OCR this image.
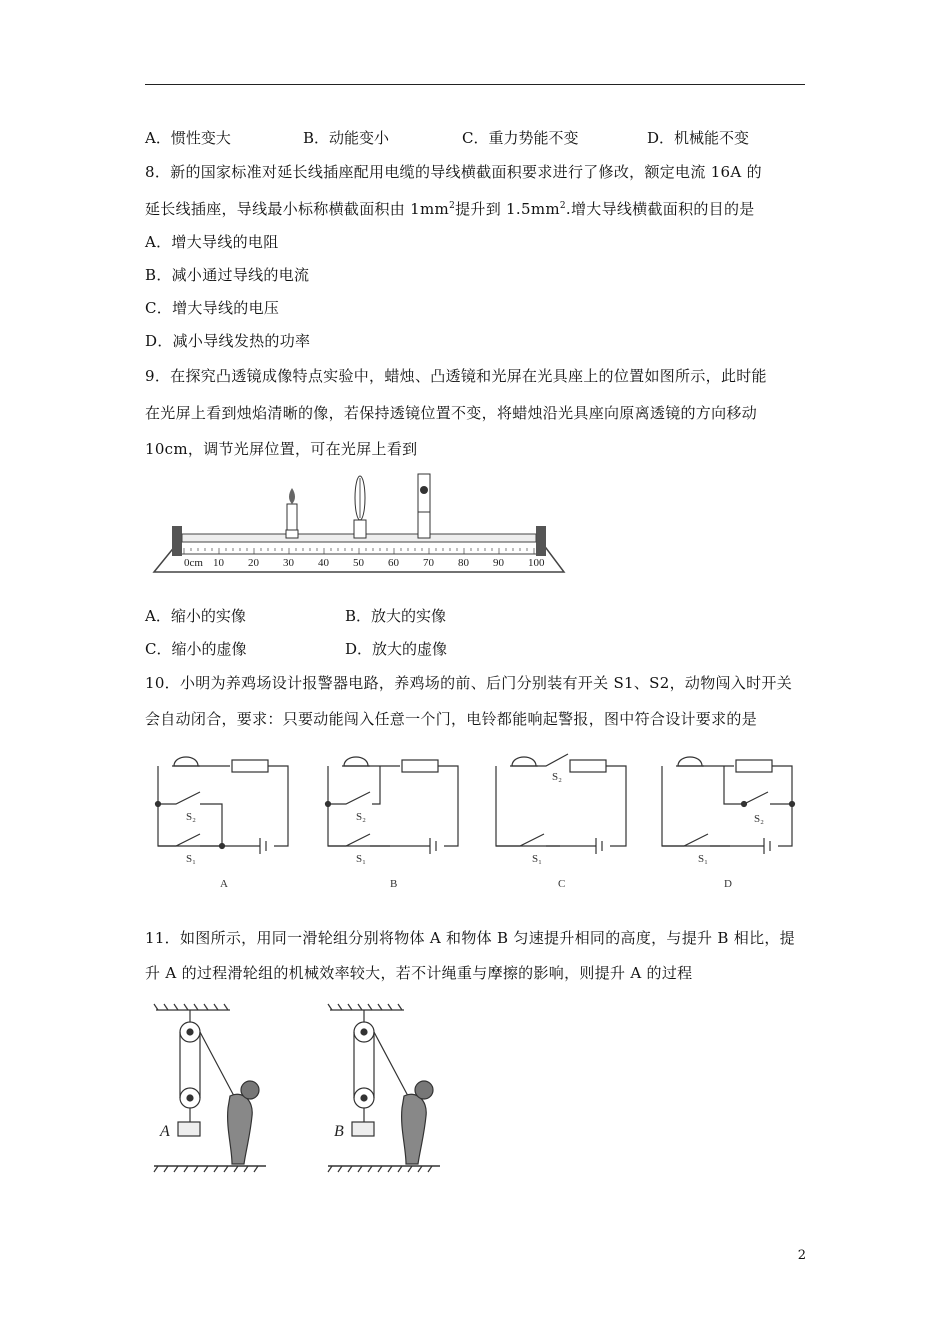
A．惯性变大	B．动能变小	C．重力势能不变	D．机械能不变
8．新的国家标准对延长线插座配用电缆的导线横截面积要求进行了修改，额定电流 16A 的
延长线插座，导线最小标称横截面积由 $1mm^2$提升到 $1.5mm^2$.增大导线横截面积的目的是
A．增大导线的电阻
B．减小通过导线的电流
C．增大导线的电压
D．减小导线发热的功率
9．在探究凸透镜成像特点实验中，蜡烛、凸透镜和光屏在光具座上的位置如图所示，此时能
在光屏上看到烛焰清晰的像，若保持透镜位置不变，将蜡烛沿光具座向原离透镜的方向移动
10cm，调节光屏位置，可在光屏上看到
0cm 10 20 30 40 50 60 70 80 90 100
A．缩小的实像	B．放大的实像
C．缩小的虚像	D．放大的虚像
10．小明为养鸡场设计报警器电路，养鸡场的前、后门分别装有开关 S1、S2，动物闯入时开关
会自动闭合，要求：只要动能闯入任意一个门，电铃都能响起警报，图中符合设计要求的是
S₂
S₁
S₂
S₁
S₂
S₁
S₂
S₁
A	B	C	D
11．如图所示，用同一滑轮组分别将物体 A 和物体 B 匀速提升相同的高度，与提升 B 相比，提
升 A 的过程滑轮组的机械效率较大，若不计绳重与摩擦的影响，则提升 A 的过程
A	B
2
